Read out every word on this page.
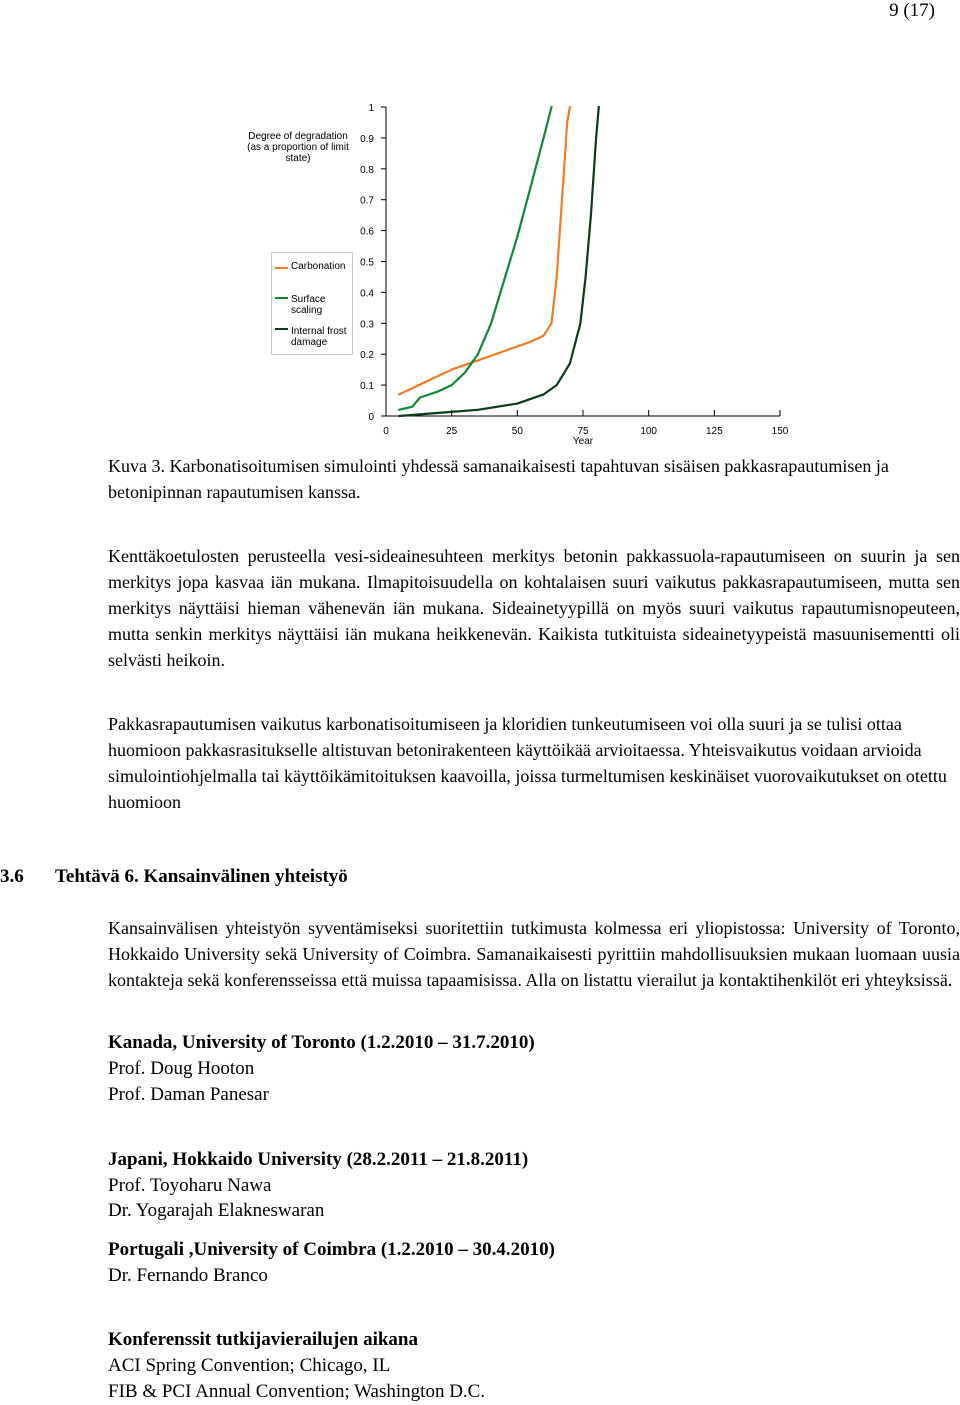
9 (17)
0
0.1
0.2
0.3
0.4
0.5
0.6
0.7
0.8
0.9
1
0	25	50	75	100	125	150
Year
Degree of degradation (as a proportion of limit state)
Carbonation
Surface scaling
Internal frost damage
Kuva 3. Karbonatisoitumisen simulointi yhdessä samanaikaisesti tapahtuvan sisäisen pakkasrapautumisen ja betonipinnan rapautumisen kanssa.
Kenttäkoetulosten perusteella vesi-sideainesuhteen merkitys betonin pakkassuola-rapautumiseen on suurin ja sen merkitys jopa kasvaa iän mukana. Ilmapitoisuudella on kohtalaisen suuri vaikutus pakkasrapautumiseen, mutta sen merkitys näyttäisi hieman vähenevän iän mukana. Sideainetyypillä on myös suuri vaikutus rapautumisnopeuteen, mutta senkin merkitys näyttäisi iän mukana heikkenevän. Kaikista tutkituista sideainetyypeistä masuunisementti oli selvästi heikoin.
Pakkasrapautumisen vaikutus karbonatisoitumiseen ja kloridien tunkeutumiseen voi olla suuri ja se tulisi ottaa huomioon pakkasrasitukselle altistuvan betonirakenteen käyttöikää arvioitaessa. Yhteisvaikutus voidaan arvioida simulointiohjelmalla tai käyttöikämitoituksen kaavoilla, joissa turmeltumisen keskinäiset vuorovaikutukset on otettu huomioon
3.6 Tehtävä 6. Kansainvälinen yhteistyö
Kansainvälisen yhteistyön syventämiseksi suoritettiin tutkimusta kolmessa eri yliopistossa: University of Toronto, Hokkaido University sekä University of Coimbra. Samanaikaisesti pyrittiin mahdollisuuksien mukaan luomaan uusia kontakteja sekä konferensseissa että muissa tapaamisissa. Alla on listattu vierailut ja kontaktihenkilöt eri yhteyksissä.
Kanada, University of Toronto (1.2.2010 – 31.7.2010)
Prof. Doug Hooton
Prof. Daman Panesar
Japani, Hokkaido University (28.2.2011 – 21.8.2011)
Prof. Toyoharu Nawa
Dr. Yogarajah Elakneswaran
Portugali ,University of Coimbra (1.2.2010 – 30.4.2010)
Dr. Fernando Branco
Konferenssit tutkijavierailujen aikana
ACI Spring Convention; Chicago, IL
FIB & PCI Annual Convention; Washington D.C.
